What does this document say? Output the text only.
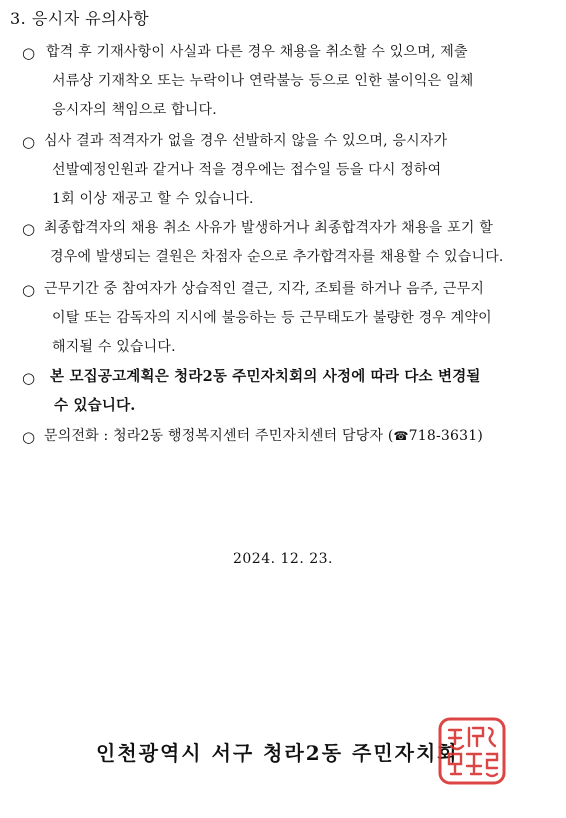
3. 응시자 유의사항
○ 합격 후 기재사항이 사실과 다른 경우 채용을 취소할 수 있으며, 제출
서류상 기재착오 또는 누락이나 연락불능 등으로 인한 불이익은 일체
응시자의 책임으로 합니다.
○ 심사 결과 적격자가 없을 경우 선발하지 않을 수 있으며, 응시자가
선발예정인원과 같거나 적을 경우에는 접수일 등을 다시 정하여
1회 이상 재공고 할 수 있습니다.
○ 최종합격자의 채용 취소 사유가 발생하거나 최종합격자가 채용을 포기 할
경우에 발생되는 결원은 차점자 순으로 추가합격자를 채용할 수 있습니다.
○ 근무기간 중 참여자가 상습적인 결근, 지각, 조퇴를 하거나 음주, 근무지
이탈 또는 감독자의 지시에 불응하는 등 근무태도가 불량한 경우 계약이
해지될 수 있습니다.
○ 본 모집공고계획은 청라2동 주민자치회의 사정에 따라 다소 변경될
수 있습니다.
○ 문의전화 : 청라2동 행정복지센터 주민자치센터 담당자 (☎718-3631)
2024. 12. 23.
인천광역시 서구 청라2동 주민자치회
